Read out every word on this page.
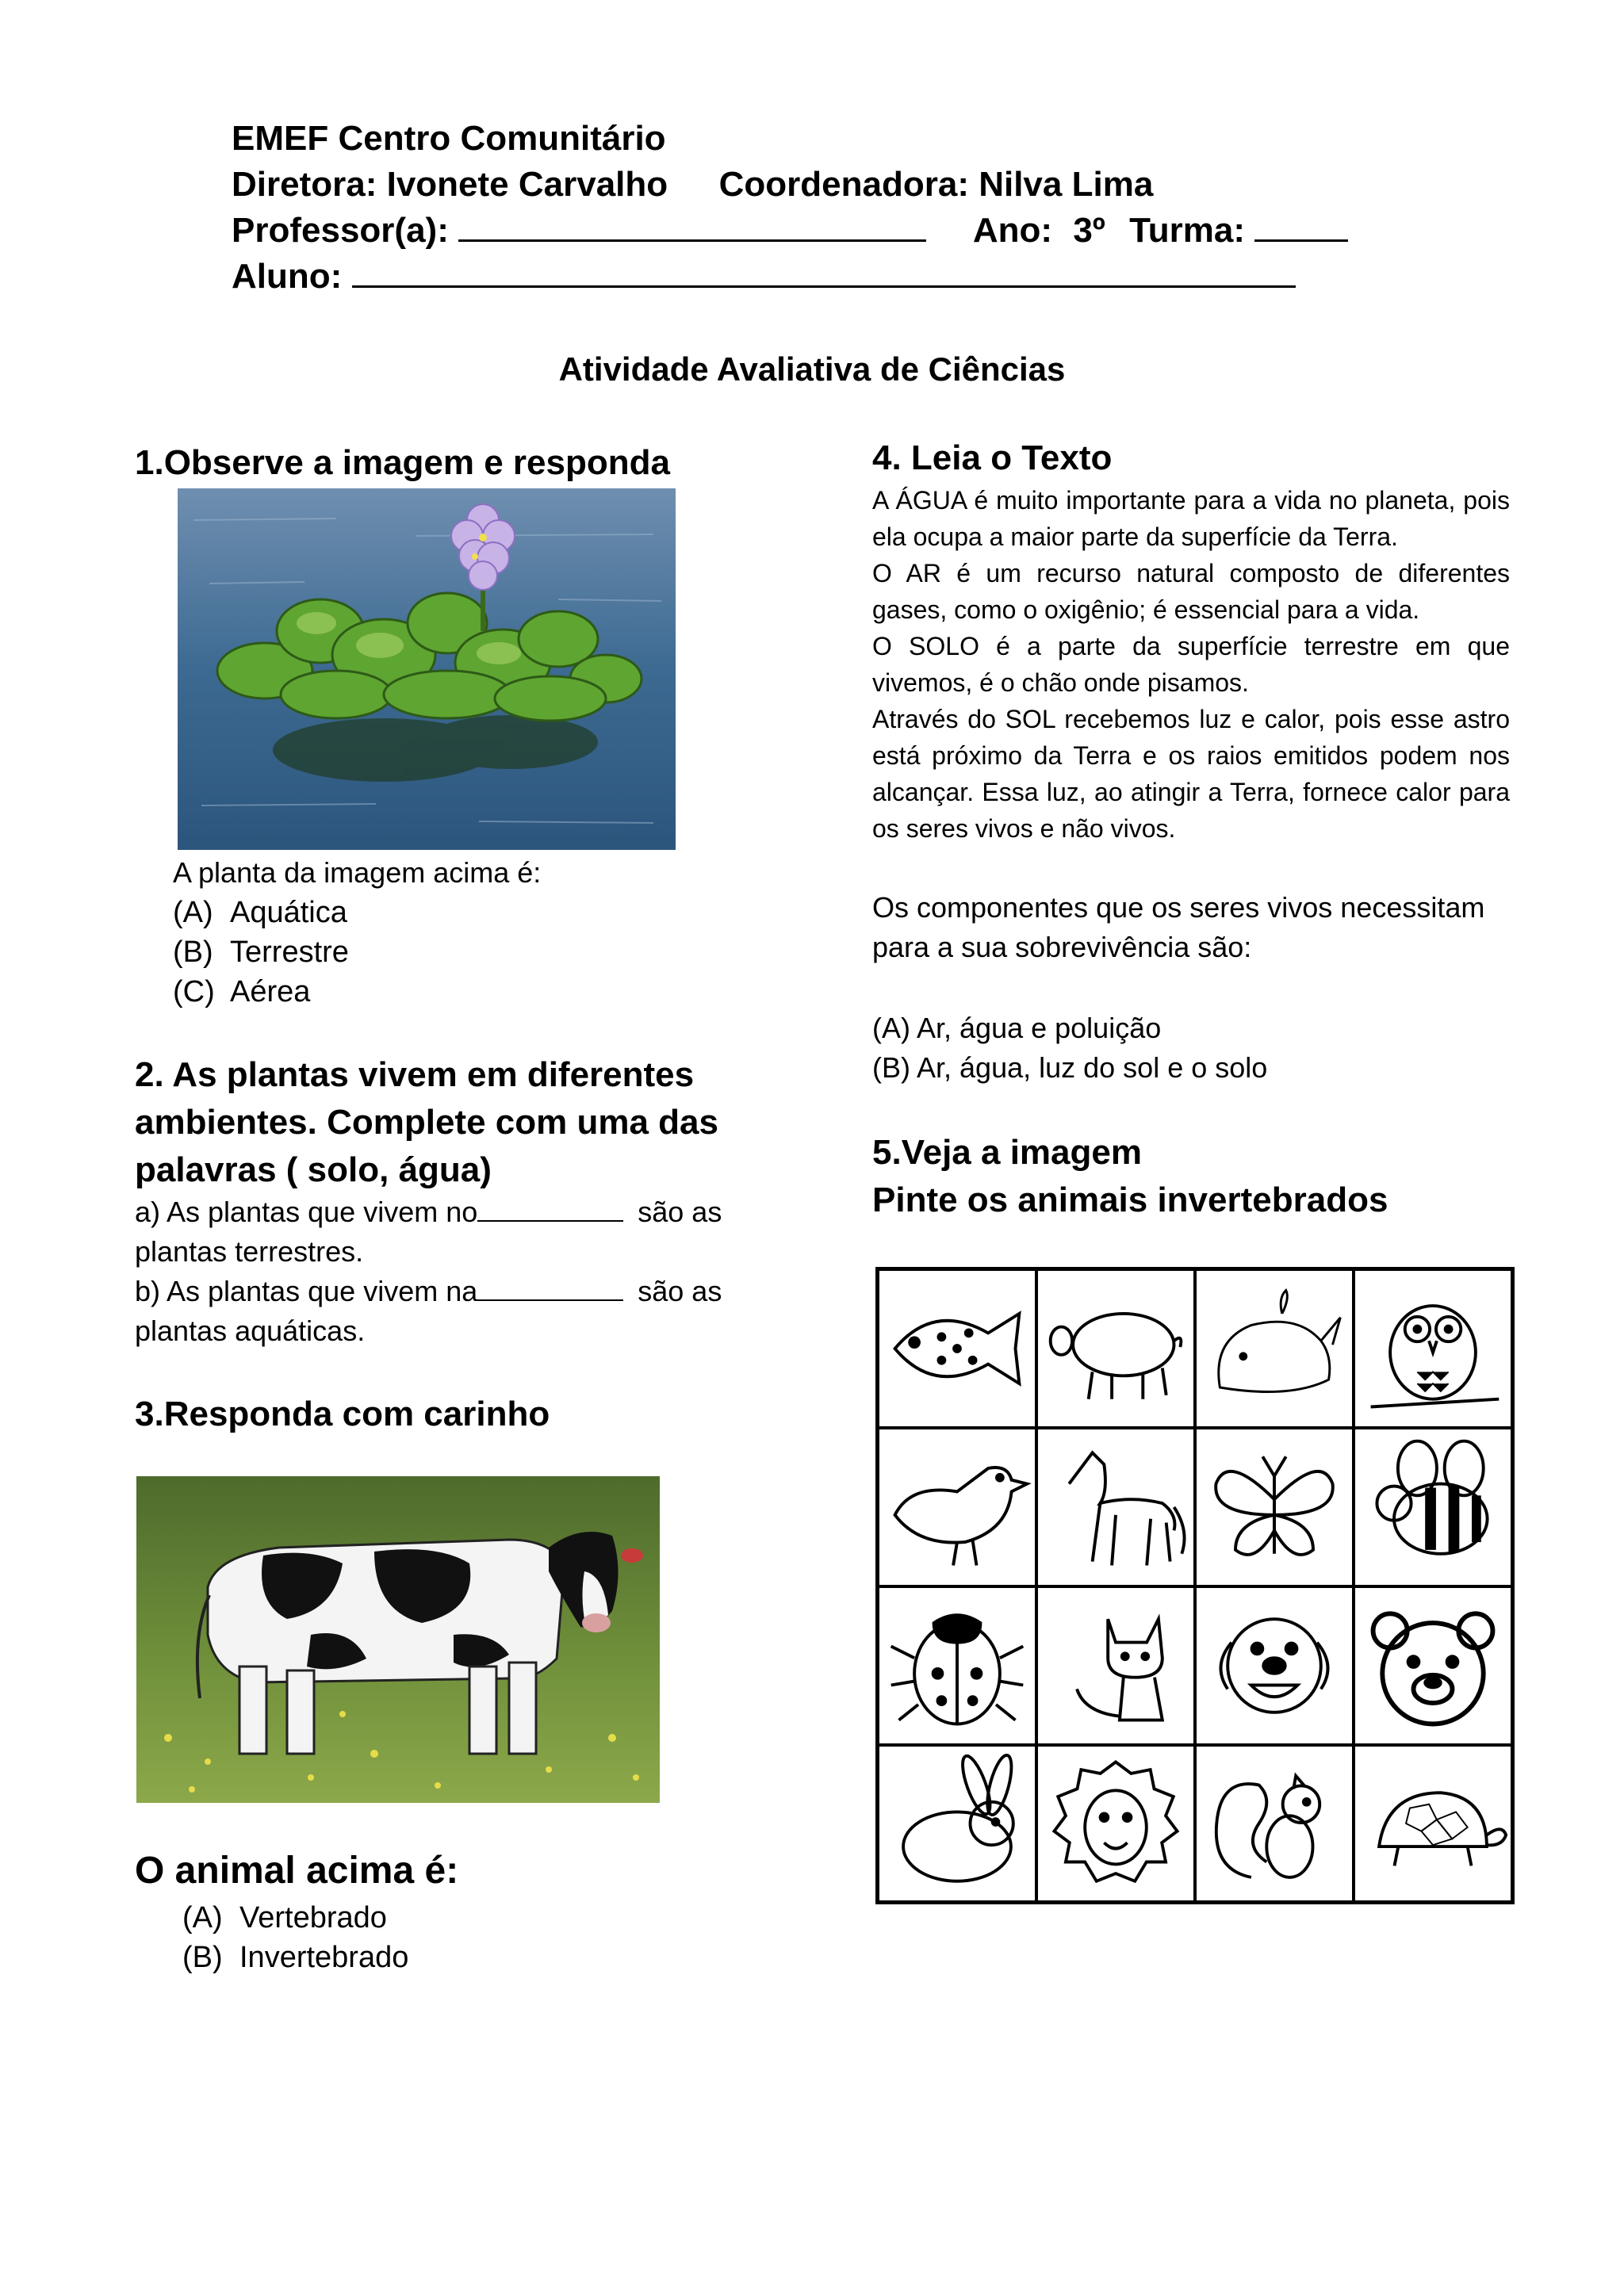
EMEF Centro Comunitário
Diretora: Ivonete Carvalho Coordenadora: Nilva Lima
Professor(a):	Ano: 3º Turma:
Aluno:
Atividade Avaliativa de Ciências
1.Observe a imagem e responda
A planta da imagem acima é:
(A) Aquática
(B) Terrestre
(C) Aérea
2. As plantas vivem em diferentes
ambientes. Complete com uma das
palavras ( solo, água)
a) As plantas que vivem no	são as
plantas terrestres.
b) As plantas que vivem na	são as
plantas aquáticas.
3.Responda com carinho
O animal acima é:
(A) Vertebrado
(B) Invertebrado
4. Leia o Texto
A ÁGUA é muito importante para a vida no planeta, pois ela ocupa a maior parte da superfície da Terra.
O AR é um recurso natural composto de diferentes gases, como o oxigênio; é essencial para a vida.
O SOLO é a parte da superfície terrestre em que vivemos, é o chão onde pisamos.
Através do SOL recebemos luz e calor, pois esse astro está próximo da Terra e os raios emitidos podem nos alcançar. Essa luz, ao atingir a Terra, fornece calor para os seres vivos e não vivos.
Os componentes que os seres vivos necessitam para a sua sobrevivência são:
(A) Ar, água e poluição
(B) Ar, água, luz do sol e o solo
5.Veja a imagem
Pinte os animais invertebrados
